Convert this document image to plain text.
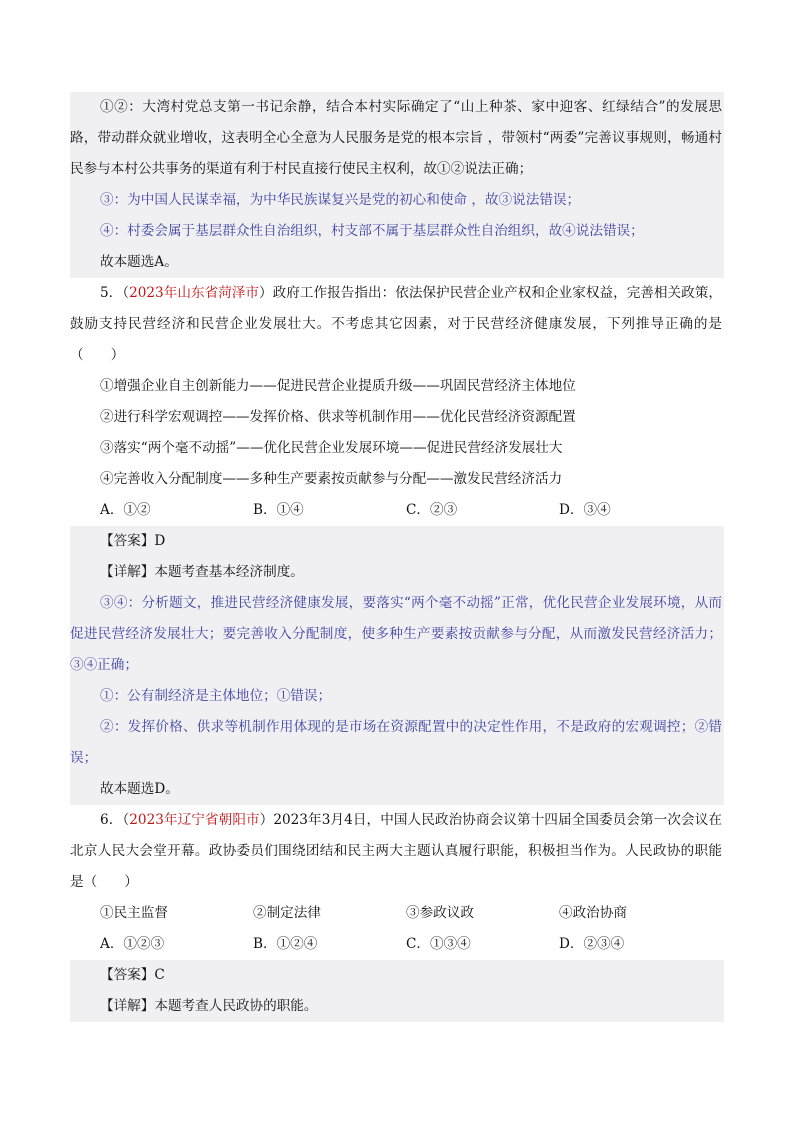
①②：大湾村党总支第一书记余静，结合本村实际确定了“山上种茶、家中迎客、红绿结合”的发展思路，带动群众就业增收，这表明全心全意为人民服务是党的根本宗旨 ，带领村“两委”完善议事规则，畅通村民参与本村公共事务的渠道有利于村民直接行使民主权利，故①②说法正确；

③：为中国人民谋幸福，为中华民族谋复兴是党的初心和使命 ，故③说法错误；

④：村委会属于基层群众性自治组织，村支部不属于基层群众性自治组织，故④说法错误；

故本题选A。

5．（2023年山东省菏泽市）政府工作报告指出：依法保护民营企业产权和企业家权益，完善相关政策，鼓励支持民营经济和民营企业发展壮大。不考虑其它因素，对于民营经济健康发展，下列推导正确的是（　　）

①增强企业自主创新能力——促进民营企业提质升级——巩固民营经济主体地位

②进行科学宏观调控——发挥价格、供求等机制作用——优化民营经济资源配置

③落实“两个毫不动摇”——优化民营企业发展环境——促进民营经济发展壮大

④完善收入分配制度——多种生产要素按贡献参与分配——激发民营经济活力

A．①②	B．①④	C．②③	D．③④

【答案】D

【详解】本题考查基本经济制度。

③④：分析题文，推进民营经济健康发展，要落实“两个毫不动摇”正常，优化民营企业发展环境，从而促进民营经济发展壮大；要完善收入分配制度，使多种生产要素按贡献参与分配，从而激发民营经济活力；③④正确；

①：公有制经济是主体地位；①错误；

②：发挥价格、供求等机制作用体现的是市场在资源配置中的决定性作用，不是政府的宏观调控；②错误；

故本题选D。

6．（2023年辽宁省朝阳市）2023年3月4日，中国人民政治协商会议第十四届全国委员会第一次会议在北京人民大会堂开幕。政协委员们围绕团结和民主两大主题认真履行职能，积极担当作为。人民政协的职能是（　　）

①民主监督	②制定法律	③参政议政	④政治协商
A．①②③	B．①②④	C．①③④	D．②③④

【答案】C

【详解】本题考查人民政协的职能。
